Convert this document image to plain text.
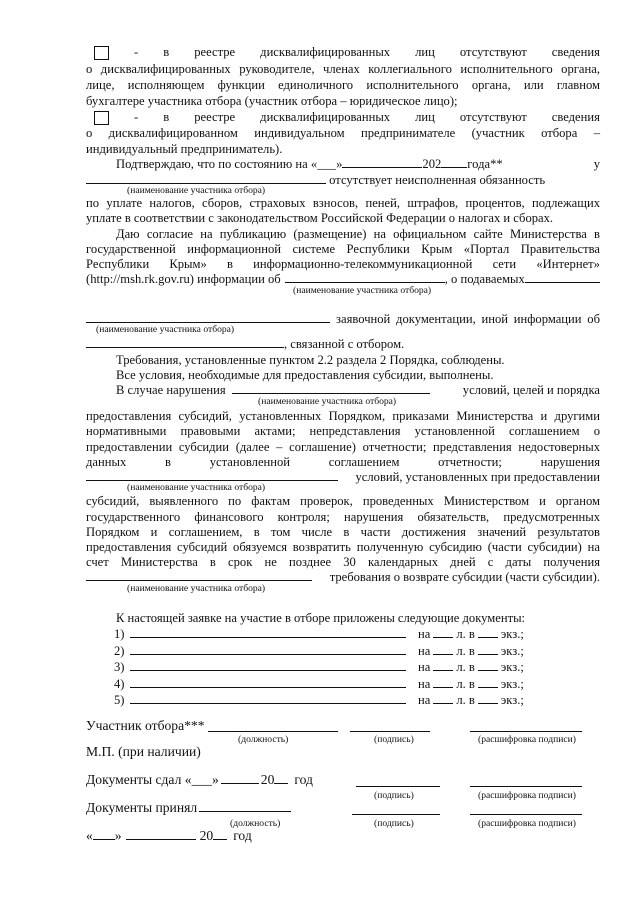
- в реестре дисквалифицированных лиц отсутствуют сведения
о дисквалифицированных руководителе, членах коллегиального исполнительного органа,
лице, исполняющем функции единоличного исполнительного органа, или главном
бухгалтере участника отбора (участник отбора – юридическое лицо);
- в реестре дисквалифицированных лиц отсутствуют сведения
о дисквалифицированном индивидуальном предпринимателе (участник отбора –
индивидуальный предприниматель).
Подтверждаю, что по состоянию на «___»	202 года**	у
отсутствует неисполненная обязанность
(наименование участника отбора)
по уплате налогов, сборов, страховых взносов, пеней, штрафов, процентов, подлежащих
уплате в соответствии с законодательством Российской Федерации о налогах и сборах.
Даю согласие на публикацию (размещение) на официальном сайте Министерства в
государственной информационной системе Республики Крым «Портал Правительства
Республики Крым» в информационно-телекоммуникационной сети «Интернет»
(http://msh.rk.gov.ru) информации об	, о подаваемых
(наименование участника отбора)
заявочной документации, иной информации об
(наименование участника отбора)
, связанной с отбором.
Требования, установленные пунктом 2.2 раздела 2 Порядка, соблюдены.
Все условия, необходимые для предоставления субсидии, выполнены.
В случае нарушения	условий, целей и порядка
(наименование участника отбора)
предоставления субсидий, установленных Порядком, приказами Министерства и другими
нормативными правовыми актами; непредставления установленной соглашением о
предоставлении субсидии (далее – соглашение) отчетности; представления недостоверных
данных	в	установленной	соглашением	отчетности;	нарушения
условий, установленных при предоставлении
(наименование участника отбора)
субсидий, выявленного по фактам проверок, проведенных Министерством и органом
государственного финансового контроля; нарушения обязательств, предусмотренных
Порядком и соглашением, в том числе в части достижения значений результатов
предоставления субсидий обязуемся возвратить полученную субсидию (части субсидии) на
счет Министерства в срок не позднее 30 календарных дней с даты получения
требования о возврате субсидии (части субсидии).
(наименование участника отбора)
К настоящей заявке на участие в отборе приложены следующие документы:
1)	на л. в экз.;
2)	на л. в экз.;
3)	на л. в экз.;
4)	на л. в экз.;
5)	на л. в экз.;
Участник отбора***
(должность)	(подпись)	(расшифровка подписи)
М.П. (при наличии)
Документы сдал «___»	20 год
(подпись)	(расшифровка подписи)
Документы принял
(должность)	(подпись)	(расшифровка подписи)
« »	20 год
